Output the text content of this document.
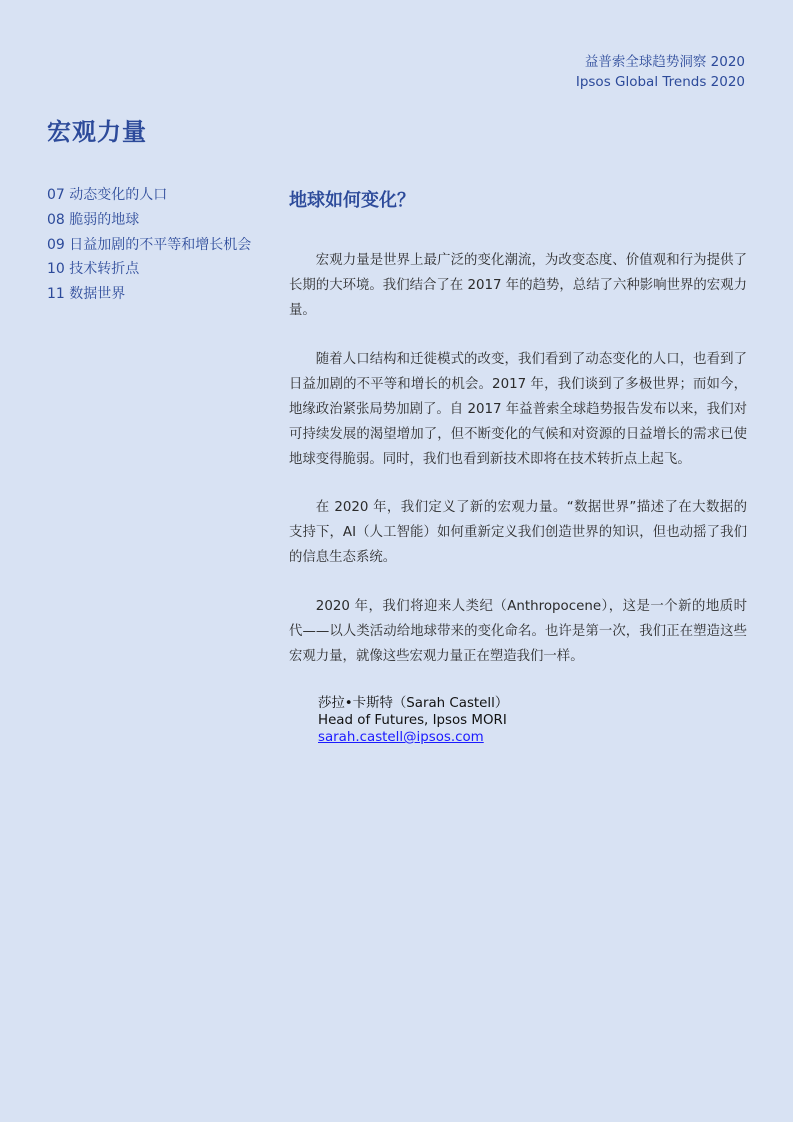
益普索全球趋势洞察 2020
Ipsos Global Trends 2020
宏观力量
07 动态变化的人口
08 脆弱的地球
09 日益加剧的不平等和增长机会
10 技术转折点
11 数据世界
地球如何变化？

宏观力量是世界上最广泛的变化潮流，为改变态度、价值观和行为提供了长期的大环境。我们结合了在 2017 年的趋势，总结了六种影响世界的宏观力量。

随着人口结构和迁徙模式的改变，我们看到了动态变化的人口，也看到了日益加剧的不平等和增长的机会。2017 年，我们谈到了多极世界；而如今，地缘政治紧张局势加剧了。自 2017 年益普索全球趋势报告发布以来，我们对可持续发展的渴望增加了，但不断变化的气候和对资源的日益增长的需求已使地球变得脆弱。同时，我们也看到新技术即将在技术转折点上起飞。

在 2020 年，我们定义了新的宏观力量。“数据世界”描述了在大数据的支持下，AI（人工智能）如何重新定义我们创造世界的知识，但也动摇了我们的信息生态系统。

2020 年，我们将迎来人类纪（Anthropocene），这是一个新的地质时代——以人类活动给地球带来的变化命名。也许是第一次，我们正在塑造这些宏观力量，就像这些宏观力量正在塑造我们一样。

莎拉•卡斯特（Sarah Castell）
Head of Futures, Ipsos MORI
sarah.castell@ipsos.com
